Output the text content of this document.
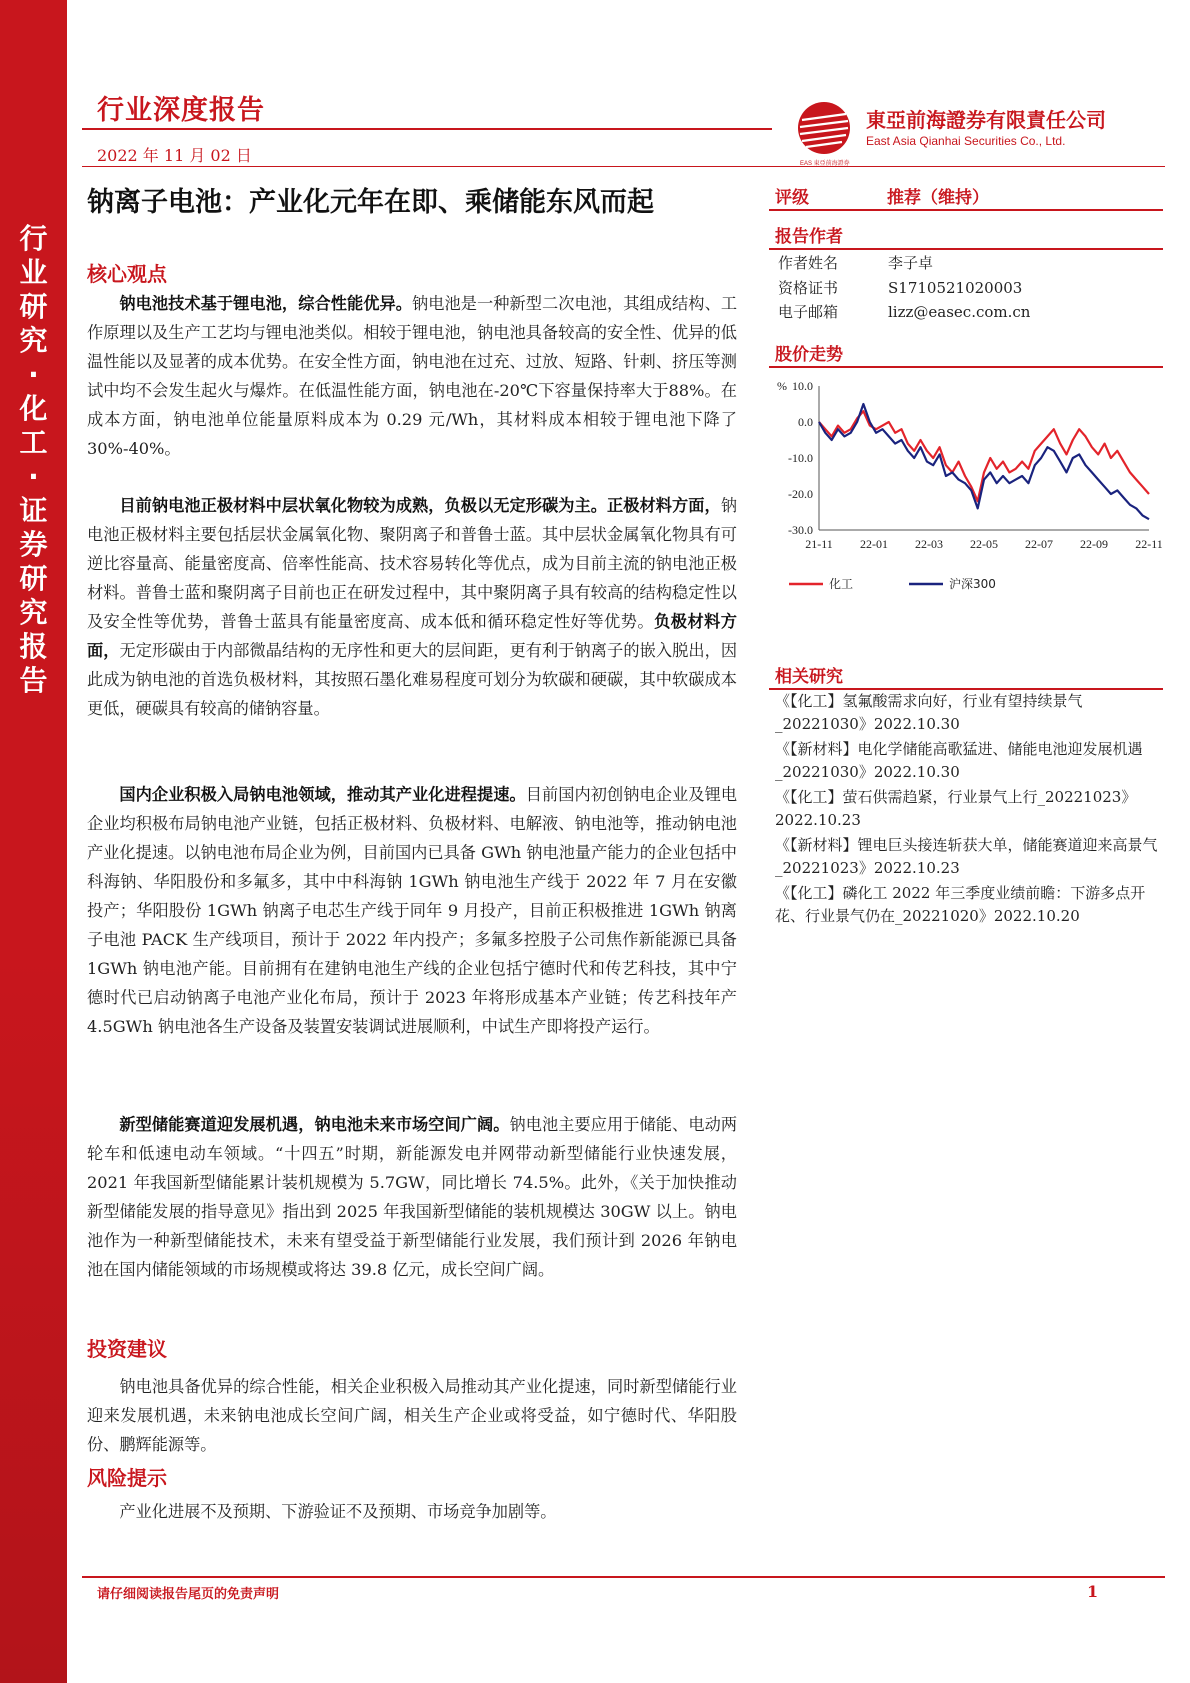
行
业
研
究
·
化
工
·
证
券
研
究
报
告
行业深度报告
2022 年 11 月 02 日
東亞前海證券有限責任公司
East Asia Qianhai Securities Co., Ltd.
EAS 東亞前海證券
钠离子电池：产业化元年在即、乘储能东风而起
核心观点
钠电池技术基于锂电池，综合性能优异。钠电池是一种新型二次电池，其组成结构、工作原理以及生产工艺均与锂电池类似。相较于锂电池，钠电池具备较高的安全性、优异的低温性能以及显著的成本优势。在安全性方面，钠电池在过充、过放、短路、针刺、挤压等测试中均不会发生起火与爆炸。在低温性能方面，钠电池在-20℃下容量保持率大于88%。在成本方面，钠电池单位能量原料成本为 0.29 元/Wh，其材料成本相较于锂电池下降了 30%-40%。
目前钠电池正极材料中层状氧化物较为成熟，负极以无定形碳为主。正极材料方面，钠电池正极材料主要包括层状金属氧化物、聚阴离子和普鲁士蓝。其中层状金属氧化物具有可逆比容量高、能量密度高、倍率性能高、技术容易转化等优点，成为目前主流的钠电池正极材料。普鲁士蓝和聚阴离子目前也正在研发过程中，其中聚阴离子具有较高的结构稳定性以及安全性等优势，普鲁士蓝具有能量密度高、成本低和循环稳定性好等优势。负极材料方面，无定形碳由于内部微晶结构的无序性和更大的层间距，更有利于钠离子的嵌入脱出，因此成为钠电池的首选负极材料，其按照石墨化难易程度可划分为软碳和硬碳，其中软碳成本更低，硬碳具有较高的储钠容量。
国内企业积极入局钠电池领域，推动其产业化进程提速。目前国内初创钠电企业及锂电企业均积极布局钠电池产业链，包括正极材料、负极材料、电解液、钠电池等，推动钠电池产业化提速。以钠电池布局企业为例，目前国内已具备 GWh 钠电池量产能力的企业包括中科海钠、华阳股份和多氟多，其中中科海钠 1GWh 钠电池生产线于 2022 年 7 月在安徽投产；华阳股份 1GWh 钠离子电芯生产线于同年 9 月投产，目前正积极推进 1GWh 钠离子电池 PACK 生产线项目，预计于 2022 年内投产；多氟多控股子公司焦作新能源已具备 1GWh 钠电池产能。目前拥有在建钠电池生产线的企业包括宁德时代和传艺科技，其中宁德时代已启动钠离子电池产业化布局，预计于 2023 年将形成基本产业链；传艺科技年产 4.5GWh 钠电池各生产设备及装置安装调试进展顺利，中试生产即将投产运行。
新型储能赛道迎发展机遇，钠电池未来市场空间广阔。钠电池主要应用于储能、电动两轮车和低速电动车领域。“十四五”时期，新能源发电并网带动新型储能行业快速发展，2021 年我国新型储能累计装机规模为 5.7GW，同比增长 74.5%。此外，《关于加快推动新型储能发展的指导意见》指出到 2025 年我国新型储能的装机规模达 30GW 以上。钠电池作为一种新型储能技术，未来有望受益于新型储能行业发展，我们预计到 2026 年钠电池在国内储能领域的市场规模或将达 39.8 亿元，成长空间广阔。
投资建议
钠电池具备优异的综合性能，相关企业积极入局推动其产业化提速，同时新型储能行业迎来发展机遇，未来钠电池成长空间广阔，相关生产企业或将受益，如宁德时代、华阳股份、鹏辉能源等。
风险提示
产业化进展不及预期、下游验证不及预期、市场竞争加剧等。
评级	推荐（维持）
报告作者
作者姓名	李子卓
资格证书	S1710521020003
电子邮箱	lizz@easec.com.cn
股价走势
% 10.0
0.0
-10.0
-20.0
-30.0
21-11 22-01 22-03 22-05 22-07 22-09 22-11
化工	沪深300
相关研究
《【化工】氢氟酸需求向好，行业有望持续景气_20221030》2022.10.30
《【新材料】电化学储能高歌猛进、储能电池迎发展机遇_20221030》2022.10.30
《【化工】萤石供需趋紧，行业景气上行_20221023》2022.10.23
《【新材料】锂电巨头接连斩获大单，储能赛道迎来高景气_20221023》2022.10.23
《【化工】磷化工 2022 年三季度业绩前瞻：下游多点开花、行业景气仍在_20221020》2022.10.20
请仔细阅读报告尾页的免责声明	1
